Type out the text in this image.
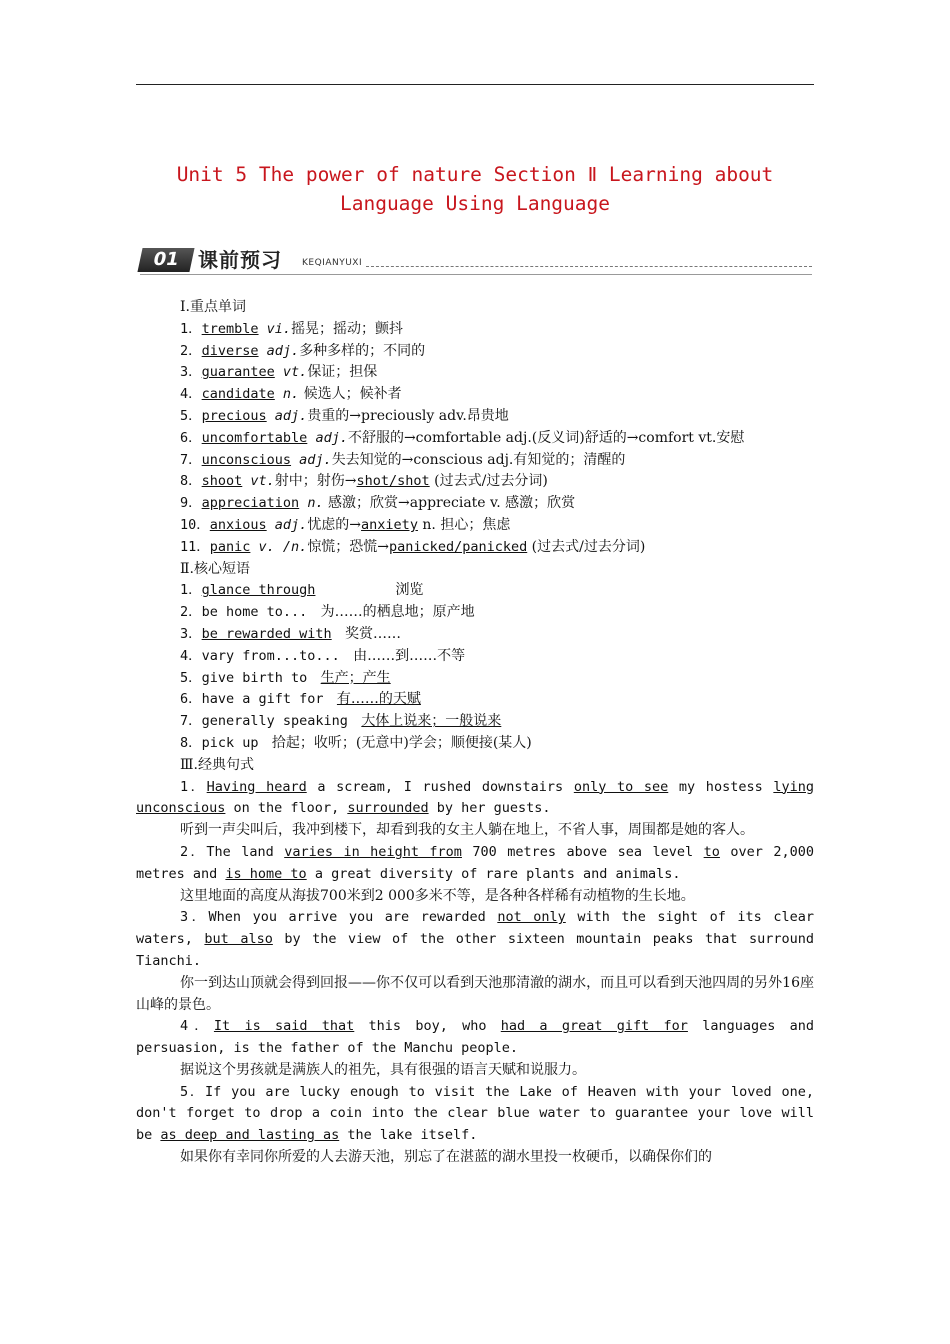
Unit 5 The power of nature Section Ⅱ Learning about
Language Using Language
01 课前预习 KEQIANYUXI

Ⅰ.重点单词

1．tremble vi.摇晃；摇动；颤抖

2．diverse adj.多种多样的；不同的

3．guarantee vt.保证；担保

4．candidate n. 候选人；候补者

5．precious adj.贵重的→preciously adv.昂贵地

6．uncomfortable adj.不舒服的→comfortable adj.(反义词)舒适的→comfort vt.安慰

7．unconscious adj.失去知觉的→conscious adj.有知觉的；清醒的

8．shoot vt.射中；射伤→shot/shot (过去式/过去分词)

9．appreciation n. 感激；欣赏→appreciate v. 感激；欣赏

10．anxious adj.忧虑的→anxiety n. 担心；焦虑

11．panic v. /n.惊慌；恐慌→panicked/panicked (过去式/过去分词)

Ⅱ.核心短语

1．glance through	浏览

2．be home to... 为……的栖息地；原产地

3．be rewarded with 奖赏……

4．vary from...to... 由……到……不等

5．give birth to 生产；产生

6．have a gift for 有……的天赋

7．generally speaking 大体上说来；一般说来

8．pick up 拾起；收听；(无意中)学会；顺便接(某人)

Ⅲ.经典句式

1．Having heard a scream, I rushed downstairs only to see my hostess lying unconscious on the floor, surrounded by her guests.

听到一声尖叫后，我冲到楼下，却看到我的女主人躺在地上，不省人事，周围都是她的客人。

2．The land varies in height from 700 metres above sea level to over 2,000 metres and is home to a great diversity of rare plants and animals.

这里地面的高度从海拔700米到2 000多米不等，是各种各样稀有动植物的生长地。

3．When you arrive you are rewarded not only with the sight of its clear waters, but also by the view of the other sixteen mountain peaks that surround Tianchi.

你一到达山顶就会得到回报——你不仅可以看到天池那清澈的湖水，而且可以看到天池四周的另外16座山峰的景色。

4．It is said that this boy, who had a great gift for languages and persuasion, is the father of the Manchu people.

据说这个男孩就是满族人的祖先，具有很强的语言天赋和说服力。

5．If you are lucky enough to visit the Lake of Heaven with your loved one, don't forget to drop a coin into the clear blue water to guarantee your love will be as deep and lasting as the lake itself.

如果你有幸同你所爱的人去游天池，别忘了在湛蓝的湖水里投一枚硬币，以确保你们的
